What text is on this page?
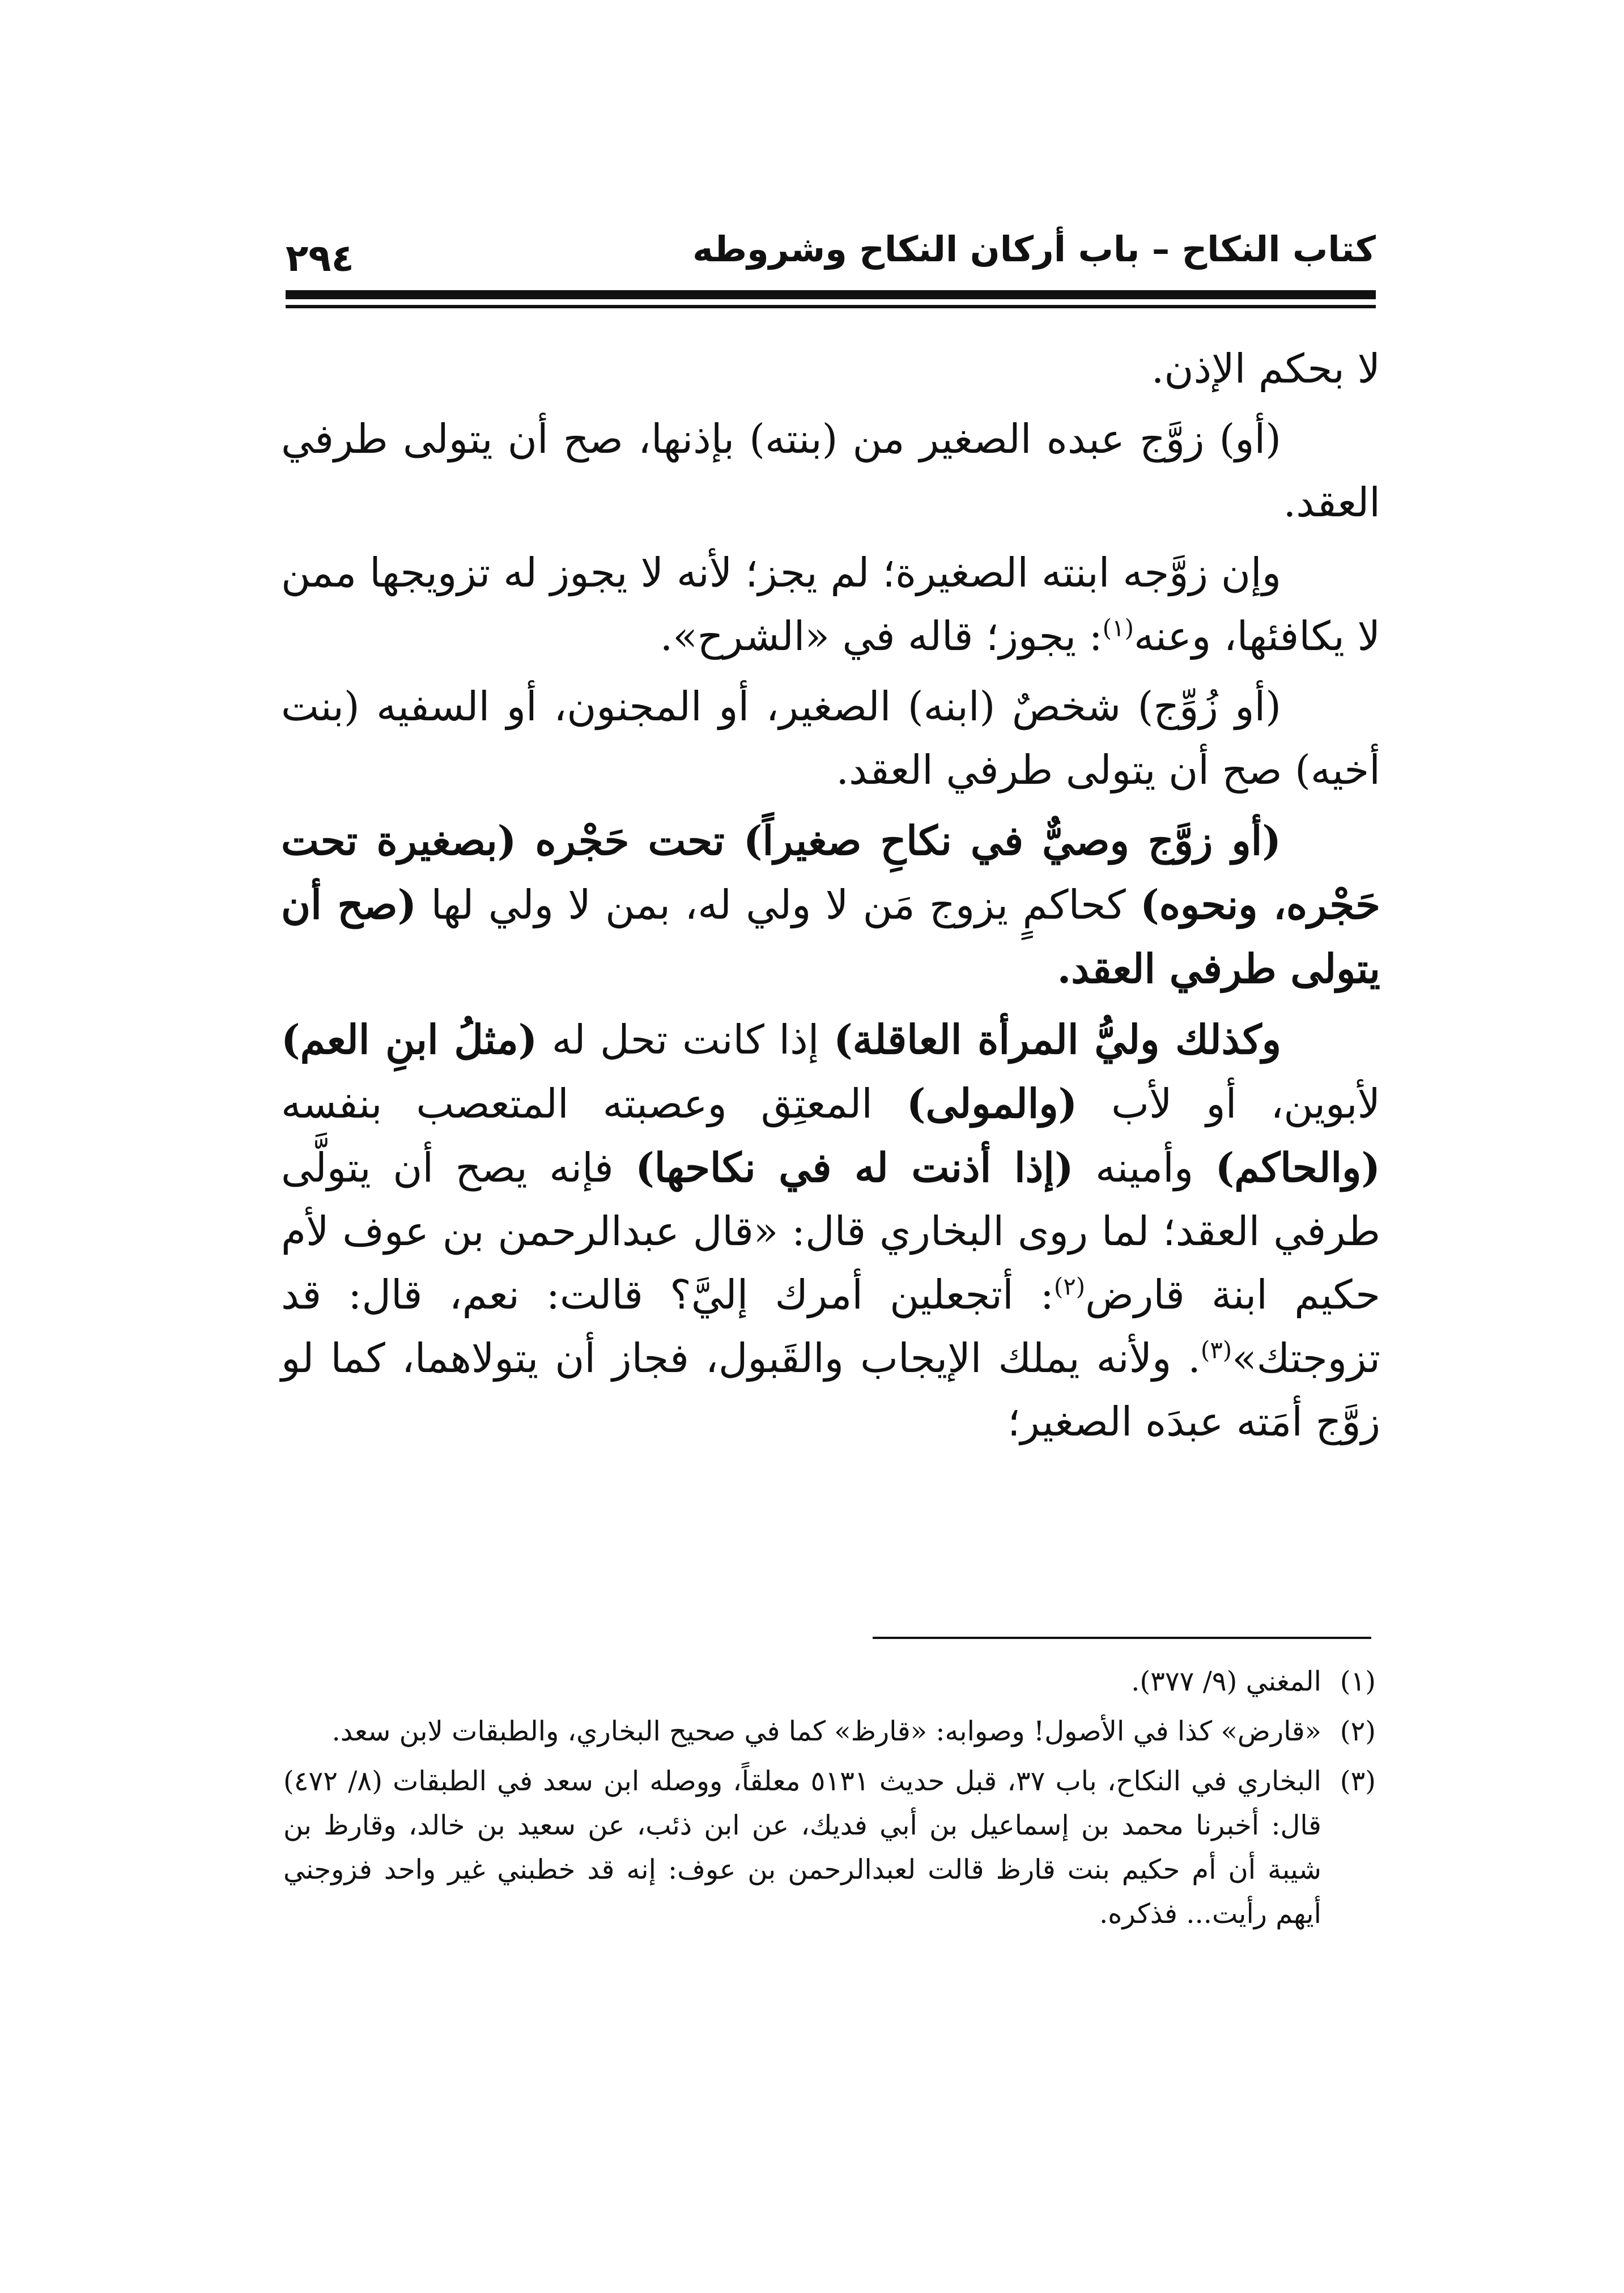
كتاب النكاح – باب أركان النكاح وشروطه
٢٩٤

لا بحكم الإذن.

(أو) زوَّج عبده الصغير من (بنته) بإذنها، صح أن يتولى طرفي العقد.

وإن زوَّجه ابنته الصغيرة؛ لم يجز؛ لأنه لا يجوز له تزويجها ممن لا يكافئها، وعنه$^{(١)}$: يجوز؛ قاله في «الشرح».

(أو زُوِّج) شخصٌ (ابنه) الصغير، أو المجنون، أو السفيه (بنت أخيه) صح أن يتولى طرفي العقد.

(أو زوَّج وصيٌّ في نكاحِ صغيراً) تحت حَجْره (بصغيرة تحت حَجْره، ونحوه) كحاكمٍ يزوج مَن لا ولي له، بمن لا ولي لها (صح أن يتولى طرفي العقد.

وكذلك وليُّ المرأة العاقلة) إذا كانت تحل له (مثلُ ابنِ العم) لأبوين، أو لأب (والمولى) المعتِق وعصبته المتعصب بنفسه (والحاكم) وأمينه (إذا أذنت له في نكاحها) فإنه يصح أن يتولَّى طرفي العقد؛ لما روى البخاري قال: «قال عبدالرحمن بن عوف لأم حكيم ابنة قارض$^{(٢)}$: أتجعلين أمرك إليَّ؟ قالت: نعم، قال: قد تزوجتك»$^{(٣)}$. ولأنه يملك الإيجاب والقَبول، فجاز أن يتولاهما، كما لو زوَّج أمَته عبدَه الصغير؛

(١)
المغني (٩/ ٣٧٧).
(٢)
«قارض» كذا في الأصول! وصوابه: «قارظ» كما في صحيح البخاري، والطبقات لابن سعد.
(٣)
البخاري في النكاح، باب ٣٧، قبل حديث ٥١٣١ معلقاً، ووصله ابن سعد في الطبقات (٨/ ٤٧٢) قال: أخبرنا محمد بن إسماعيل بن أبي فديك، عن ابن ذئب، عن سعيد بن خالد، وقارظ بن شيبة أن أم حكيم بنت قارظ قالت لعبدالرحمن بن عوف: إنه قد خطبني غير واحد فزوجني أيهم رأيت... فذكره.
